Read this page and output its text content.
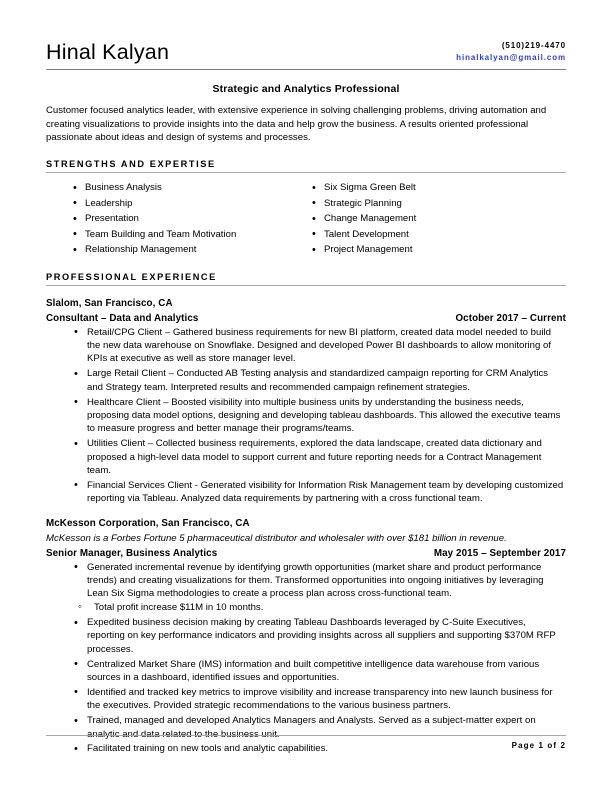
Hinal Kalyan	(510)219-4470
hinalkalyan@gmail.com
Strategic and Analytics Professional
Customer focused analytics leader, with extensive experience in solving challenging problems, driving automation and creating visualizations to provide insights into the data and help grow the business. A results oriented professional passionate about ideas and design of systems and processes.
STRENGTHS AND EXPERTISE
• Business Analysis
• Leadership
• Presentation
• Team Building and Team Motivation
• Relationship Management
• Six Sigma Green Belt
• Strategic Planning
• Change Management
• Talent Development
• Project Management
PROFESSIONAL EXPERIENCE
Slalom, San Francisco, CA
Consultant – Data and Analytics	October 2017 – Current
• Retail/CPG Client – Gathered business requirements for new BI platform, created data model needed to build the new data warehouse on Snowflake. Designed and developed Power BI dashboards to allow monitoring of KPIs at executive as well as store manager level.
• Large Retail Client – Conducted AB Testing analysis and standardized campaign reporting for CRM Analytics and Strategy team. Interpreted results and recommended campaign refinement strategies.
• Healthcare Client – Boosted visibility into multiple business units by understanding the business needs, proposing data model options, designing and developing tableau dashboards. This allowed the executive teams to measure progress and better manage their programs/teams.
• Utilities Client – Collected business requirements, explored the data landscape, created data dictionary and proposed a high-level data model to support current and future reporting needs for a Contract Management team.
• Financial Services Client - Generated visibility for Information Risk Management team by developing customized reporting via Tableau. Analyzed data requirements by partnering with a cross functional team.
McKesson Corporation, San Francisco, CA
McKesson is a Forbes Fortune 5 pharmaceutical distributor and wholesaler with over $181 billion in revenue.
Senior Manager, Business Analytics	May 2015 – September 2017
• Generated incremental revenue by identifying growth opportunities (market share and product performance trends) and creating visualizations for them. Transformed opportunities into ongoing initiatives by leveraging Lean Six Sigma methodologies to create a process plan across cross-functional team.
◦ Total profit increase $11M in 10 months.
• Expedited business decision making by creating Tableau Dashboards leveraged by C-Suite Executives, reporting on key performance indicators and providing insights across all suppliers and supporting $370M RFP processes.
• Centralized Market Share (IMS) information and built competitive intelligence data warehouse from various sources in a dashboard, identified issues and opportunities.
• Identified and tracked key metrics to improve visibility and increase transparency into new launch business for the executives. Provided strategic recommendations to the various business partners.
• Trained, managed and developed Analytics Managers and Analysts. Served as a subject-matter expert on analytic and data related to the business unit.
• Facilitated training on new tools and analytic capabilities.	Page 1 of 2
